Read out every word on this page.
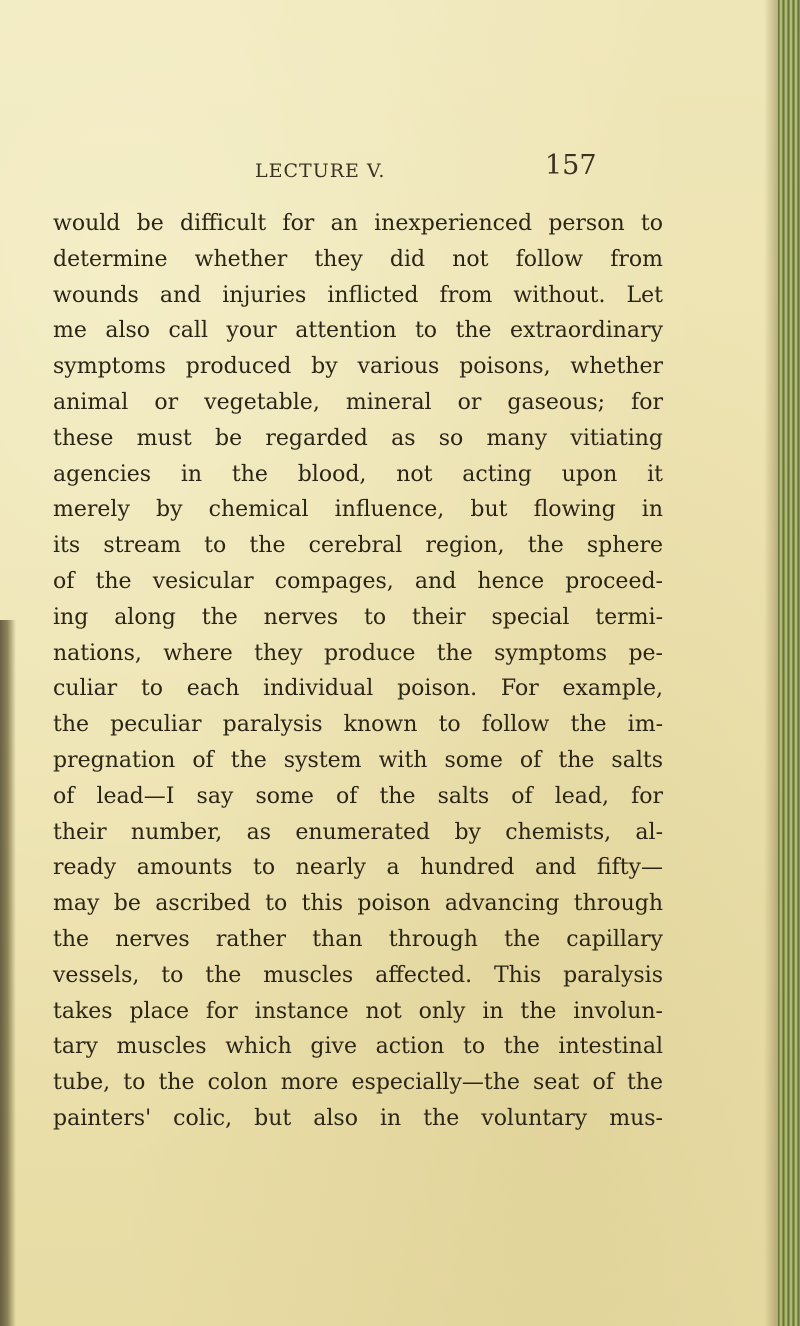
LECTURE V.	157
would be difficult for an inexperienced person to
determine whether they did not follow from
wounds and injuries inflicted from without. Let
me also call your attention to the extraordinary
symptoms produced by various poisons, whether
animal or vegetable, mineral or gaseous; for
these must be regarded as so many vitiating
agencies in the blood, not acting upon it
merely by chemical influence, but flowing in
its stream to the cerebral region, the sphere
of the vesicular compages, and hence proceed-
ing along the nerves to their special termi-
nations, where they produce the symptoms pe-
culiar to each individual poison. For example,
the peculiar paralysis known to follow the im-
pregnation of the system with some of the salts
of lead—I say some of the salts of lead, for
their number, as enumerated by chemists, al-
ready amounts to nearly a hundred and fifty—
may be ascribed to this poison advancing through
the nerves rather than through the capillary
vessels, to the muscles affected. This paralysis
takes place for instance not only in the involun-
tary muscles which give action to the intestinal
tube, to the colon more especially—the seat of the
painters' colic, but also in the voluntary mus-
